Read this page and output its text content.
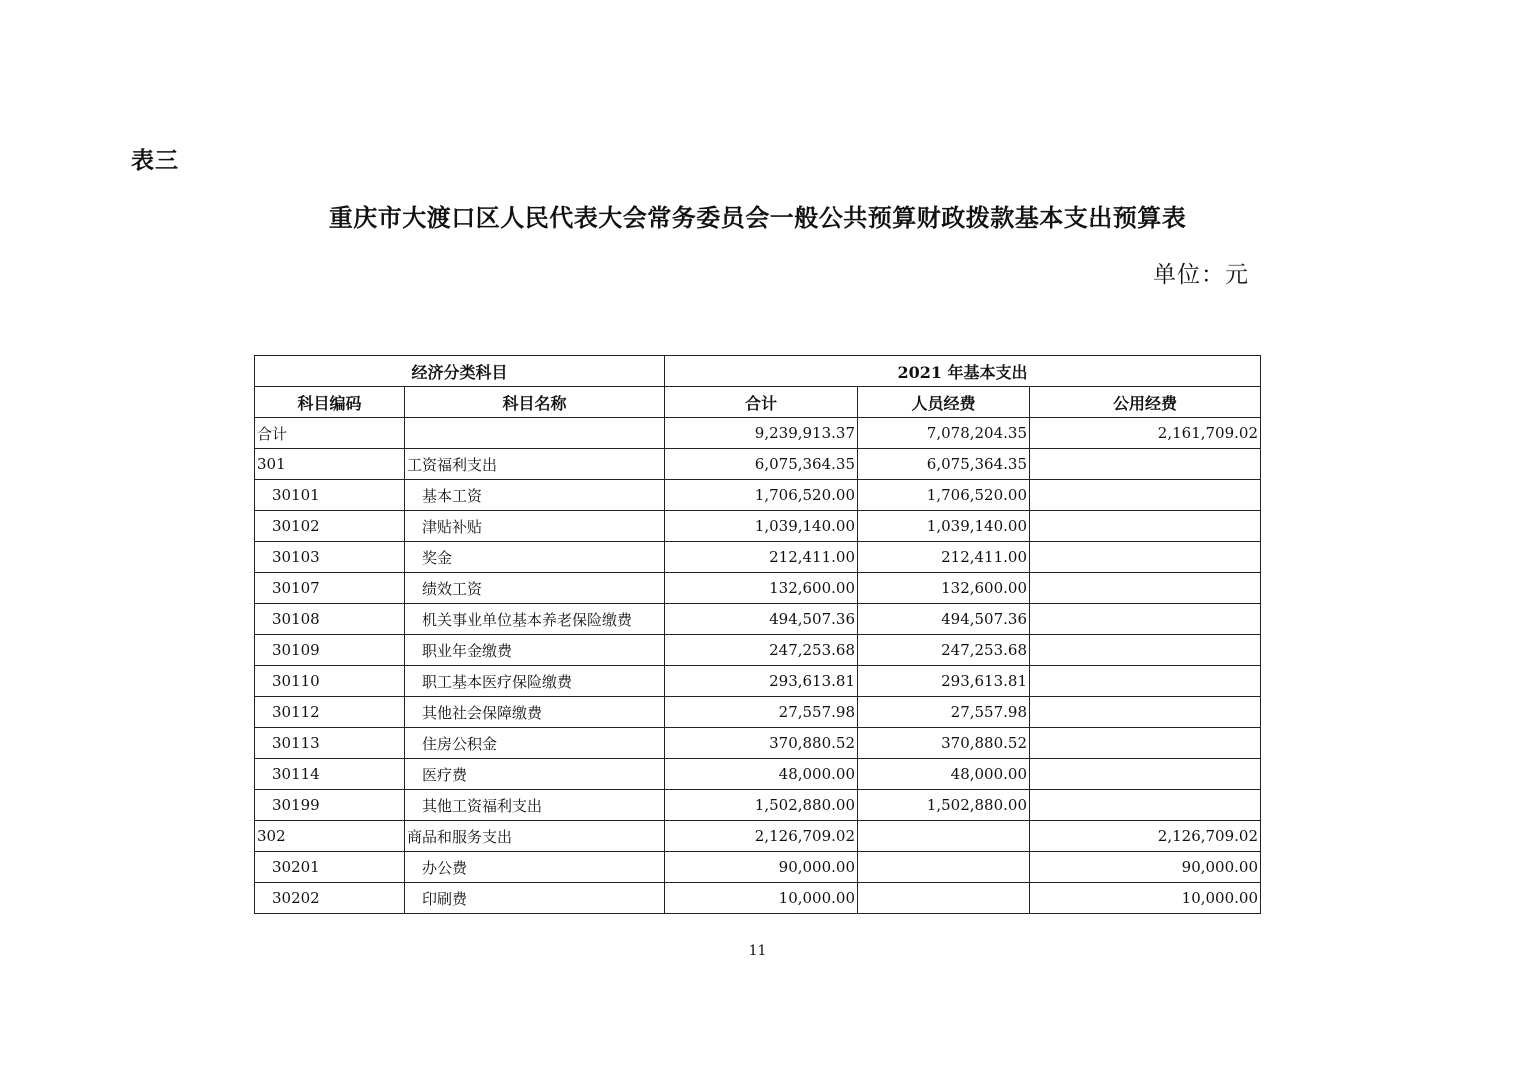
表三
重庆市大渡口区人民代表大会常务委员会一般公共预算财政拨款基本支出预算表
单位：元
经济分类科目		2021 年基本支出		
科目编码	科目名称	合计	人员经费	公用经费
合计		9,239,913.37	7,078,204.35	2,161,709.02
301	工资福利支出	6,075,364.35	6,075,364.35	
30101	基本工资	1,706,520.00	1,706,520.00	
30102	津贴补贴	1,039,140.00	1,039,140.00	
30103	奖金	212,411.00	212,411.00	
30107	绩效工资	132,600.00	132,600.00	
30108	机关事业单位基本养老保险缴费	494,507.36	494,507.36	
30109	职业年金缴费	247,253.68	247,253.68	
30110	职工基本医疗保险缴费	293,613.81	293,613.81	
30112	其他社会保障缴费	27,557.98	27,557.98	
30113	住房公积金	370,880.52	370,880.52	
30114	医疗费	48,000.00	48,000.00	
30199	其他工资福利支出	1,502,880.00	1,502,880.00	
302	商品和服务支出	2,126,709.02		2,126,709.02
30201	办公费	90,000.00		90,000.00
30202	印刷费	10,000.00		10,000.00
11
